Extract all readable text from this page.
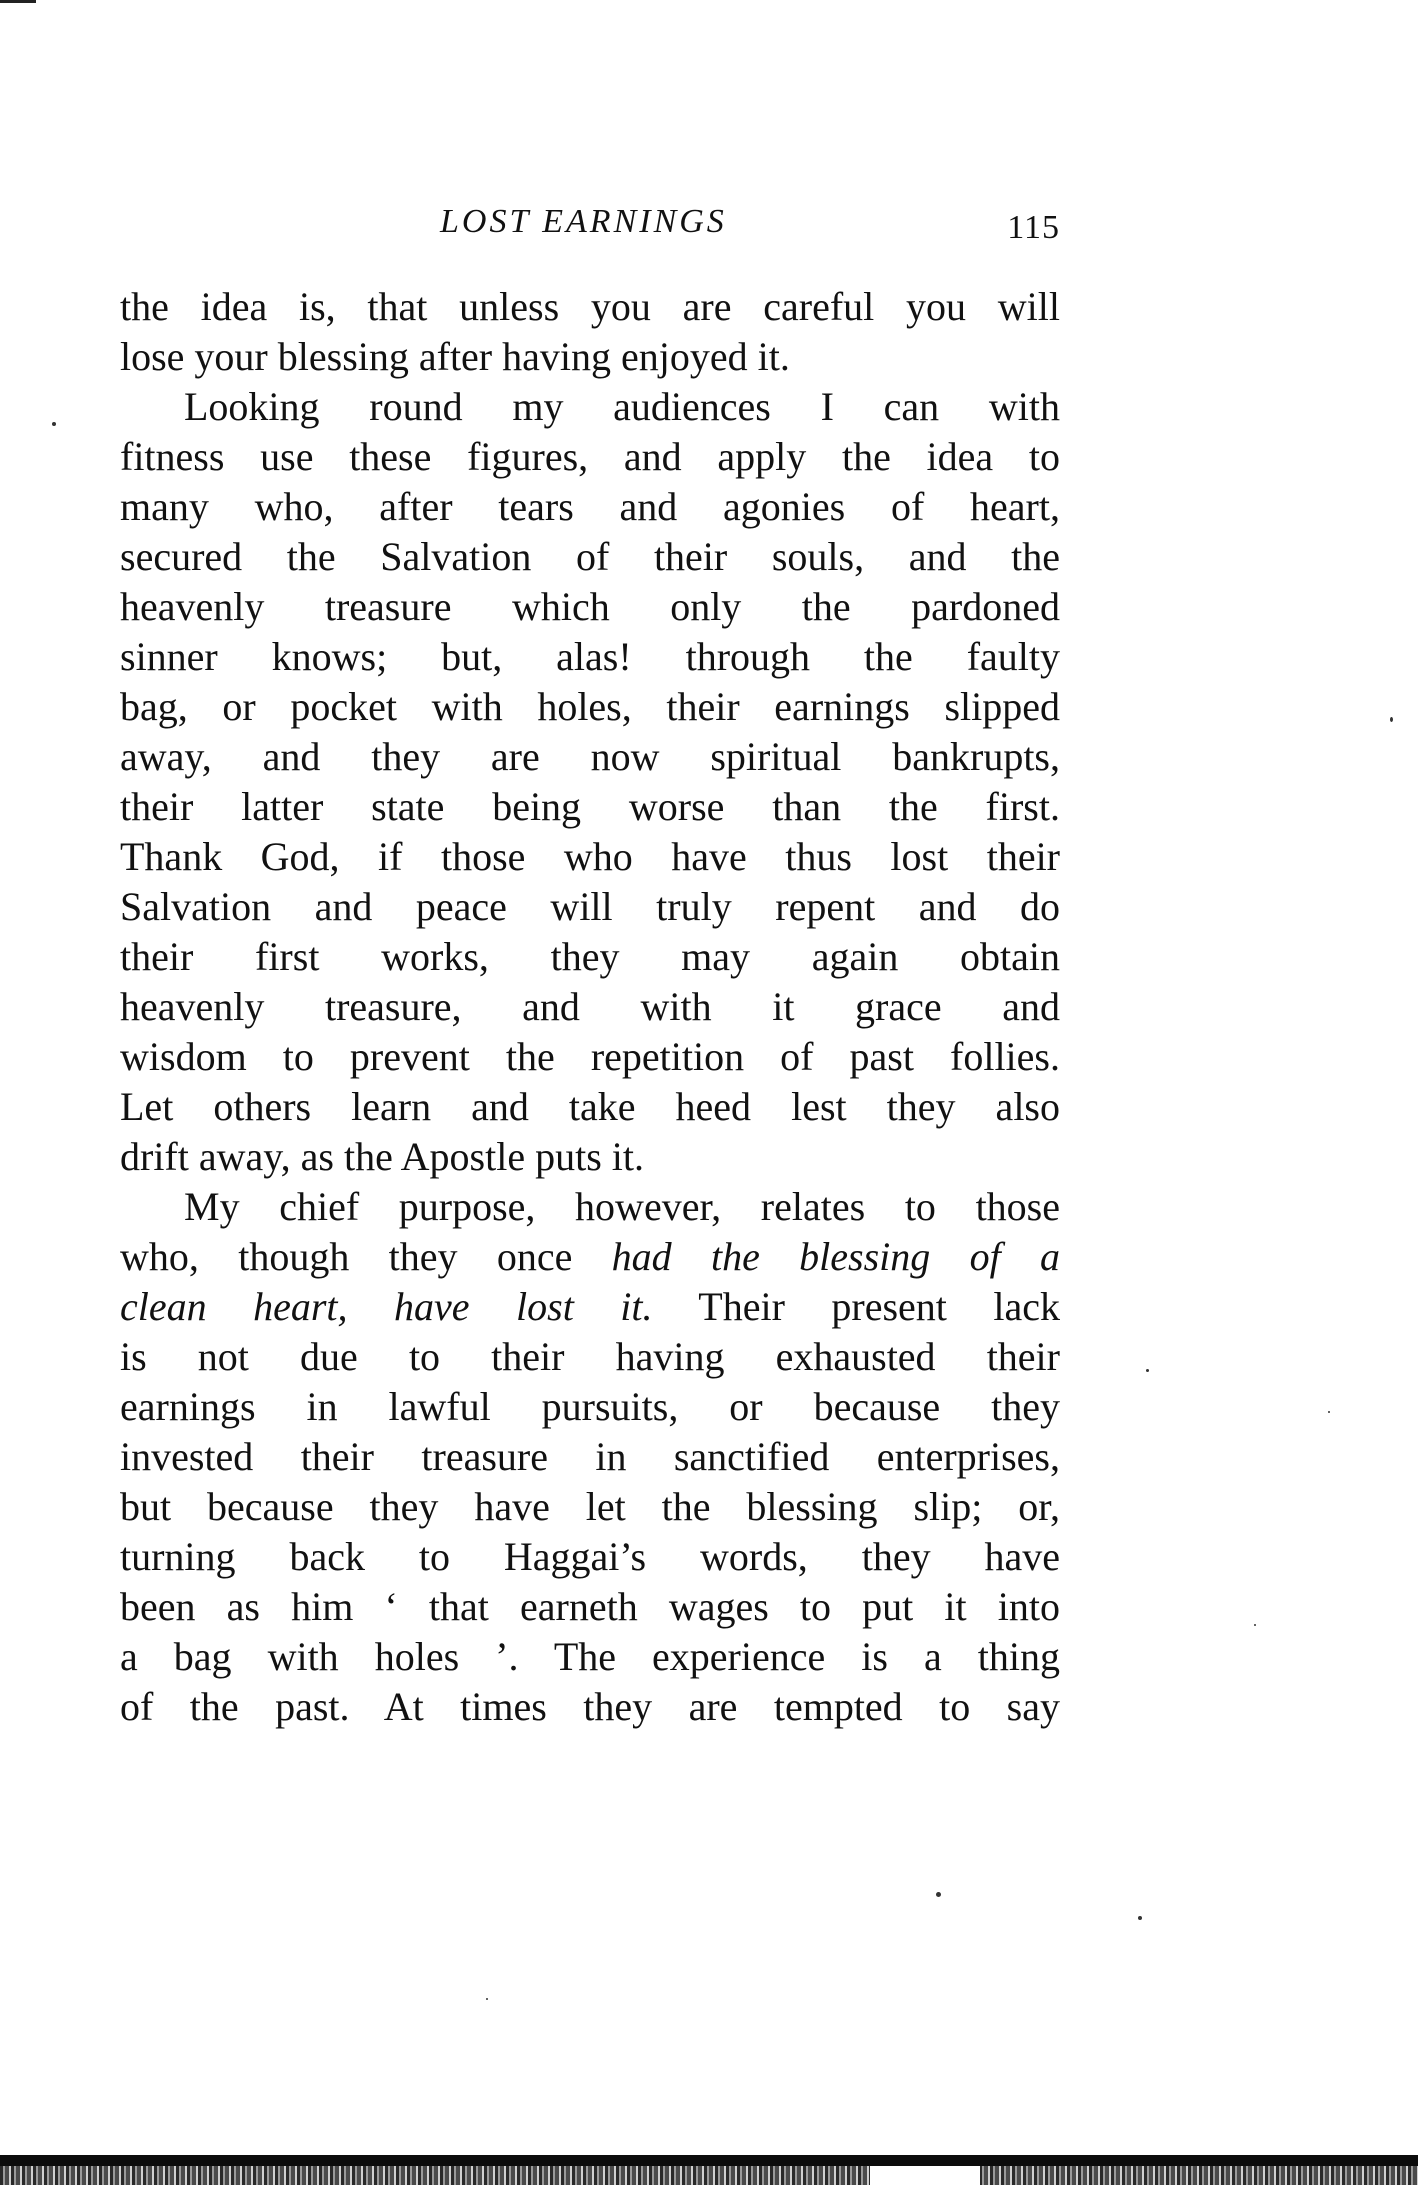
LOST EARNINGS	115
the idea is, that unless you are careful you will
lose your blessing after having enjoyed it.
Looking round my audiences I can with
fitness use these figures, and apply the idea to
many who, after tears and agonies of heart,
secured the Salvation of their souls, and the
heavenly treasure which only the pardoned
sinner knows; but, alas! through the faulty
bag, or pocket with holes, their earnings slipped
away, and they are now spiritual bankrupts,
their latter state being worse than the first.
Thank God, if those who have thus lost their
Salvation and peace will truly repent and do
their first works, they may again obtain
heavenly treasure, and with it grace and
wisdom to prevent the repetition of past follies.
Let others learn and take heed lest they also
drift away, as the Apostle puts it.
My chief purpose, however, relates to those
who, though they once had the blessing of a
clean heart, have lost it. Their present lack
is not due to their having exhausted their
earnings in lawful pursuits, or because they
invested their treasure in sanctified enterprises,
but because they have let the blessing slip; or,
turning back to Haggai’s words, they have
been as him ‘ that earneth wages to put it into
a bag with holes ’. The experience is a thing
of the past. At times they are tempted to say
